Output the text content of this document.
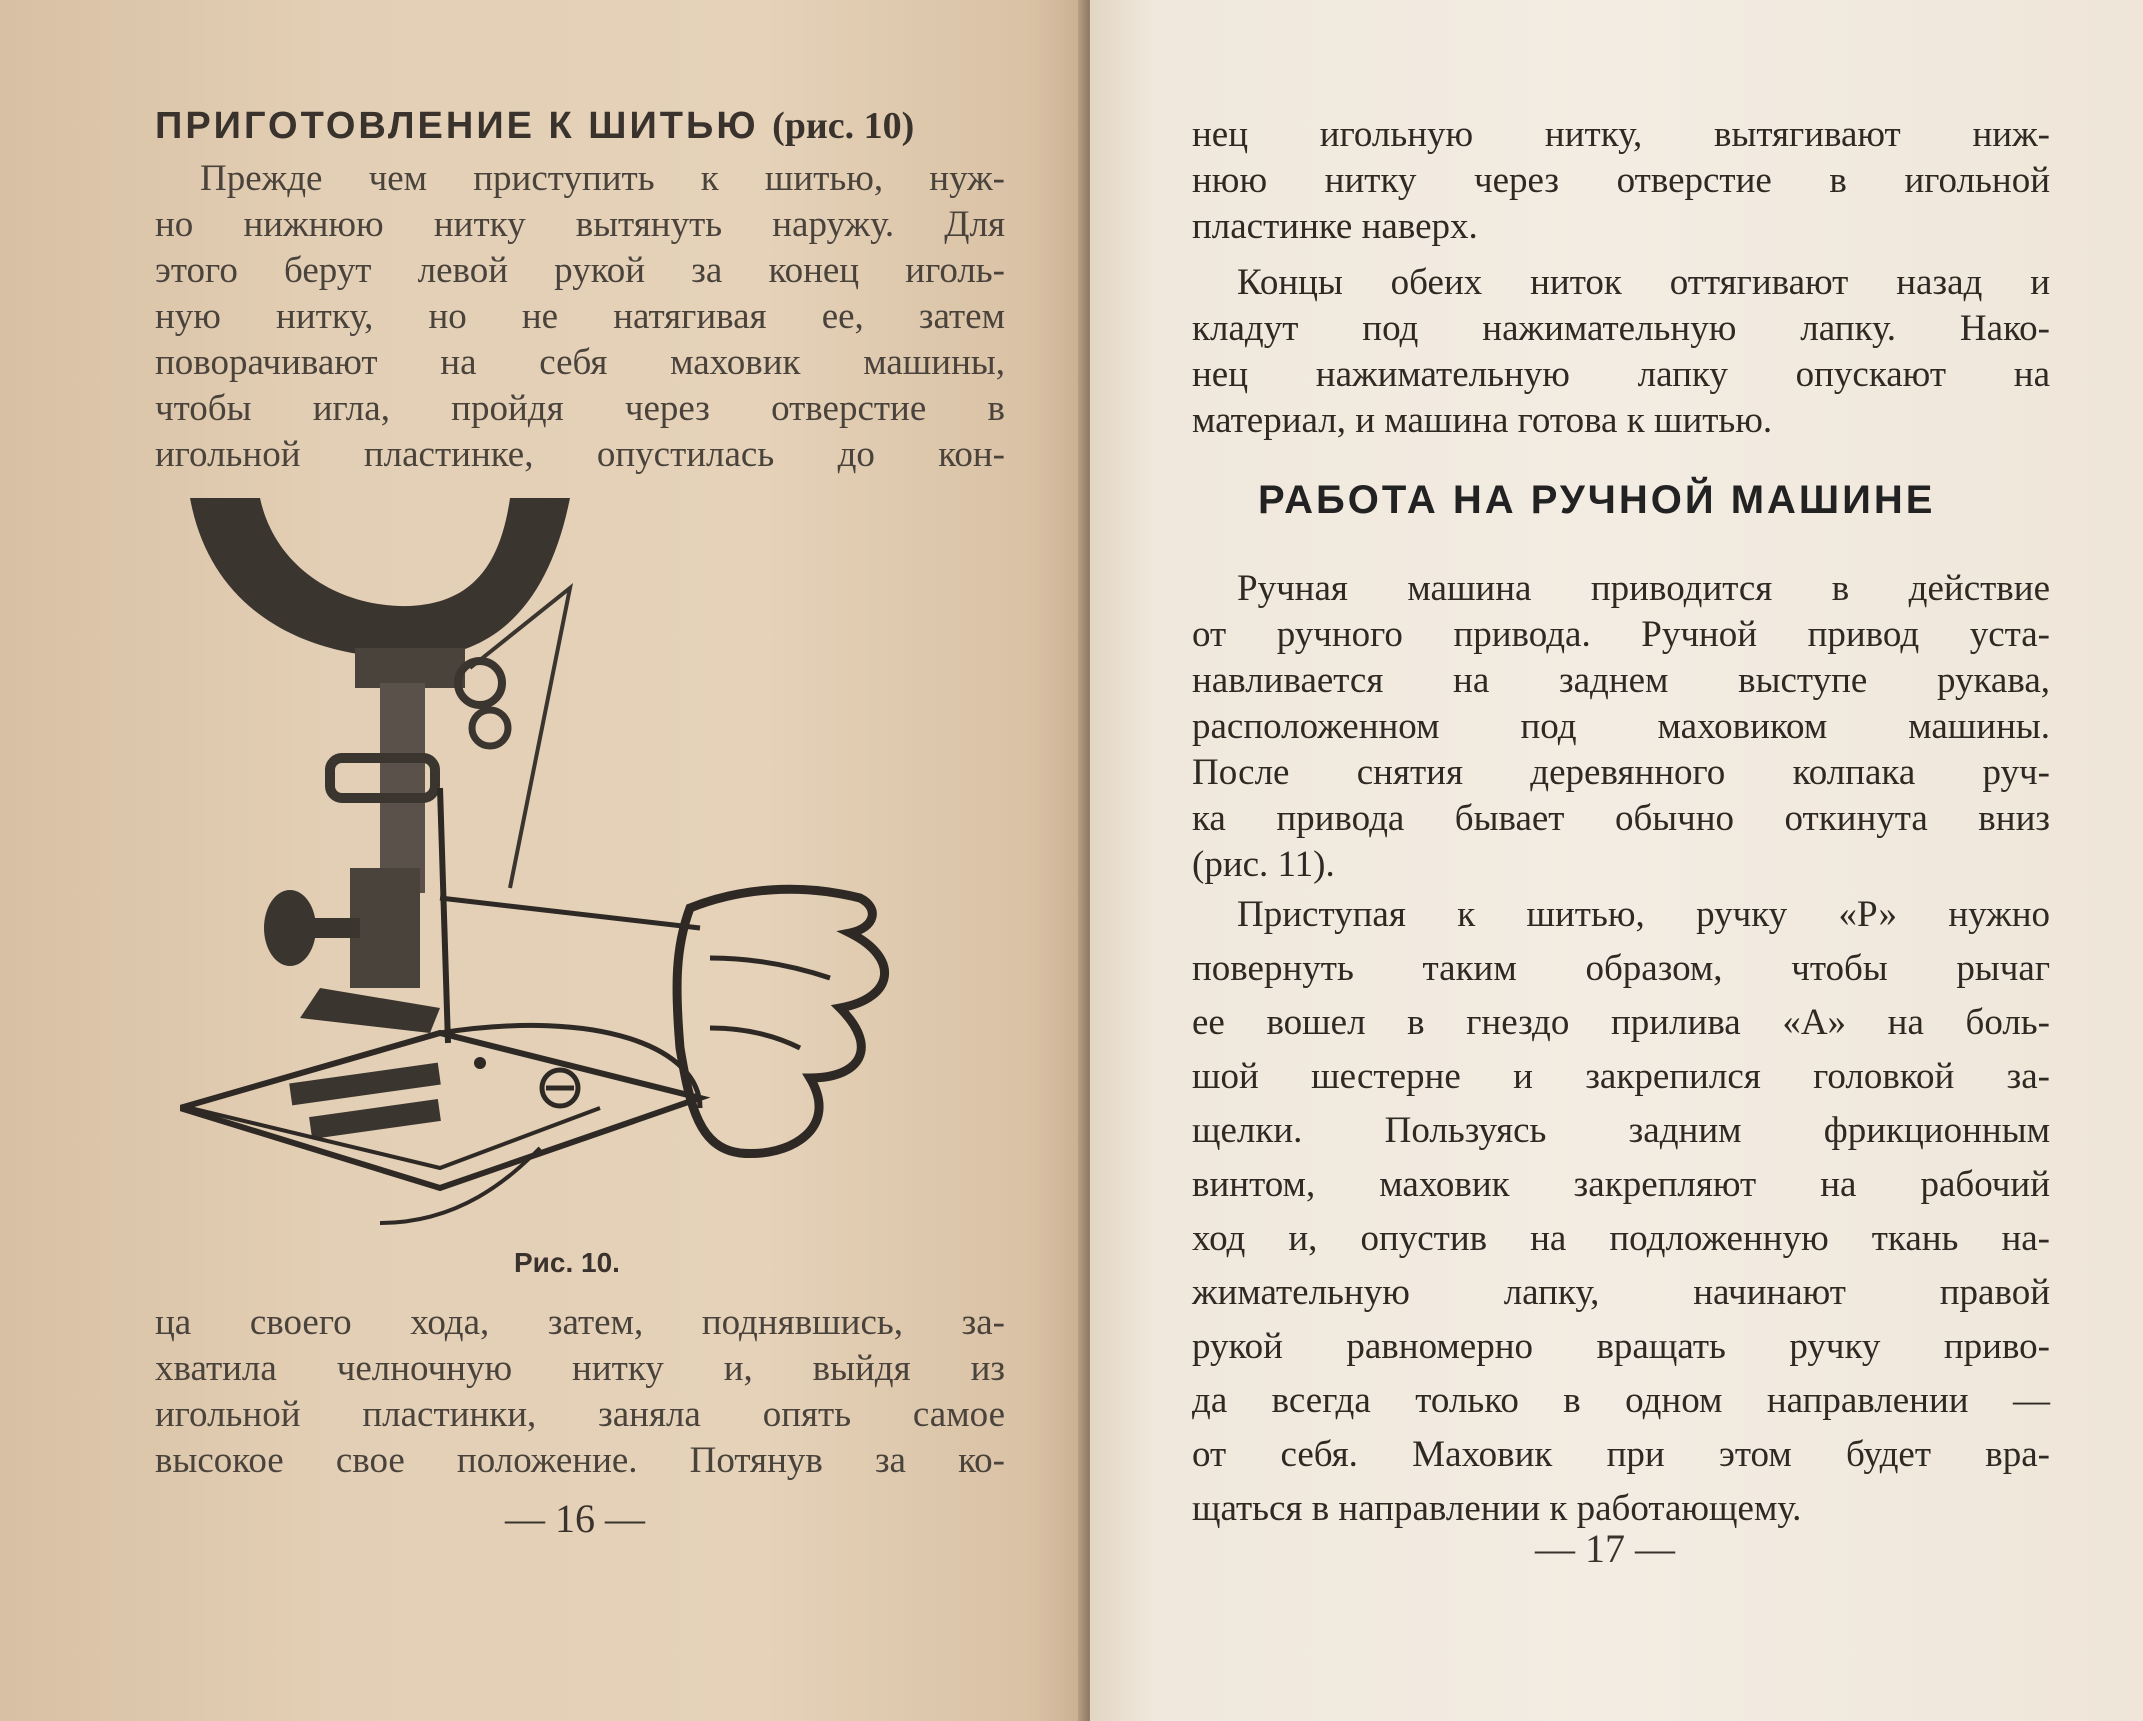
ПРИГОТОВЛЕНИЕ К ШИТЬЮ (рис. 10)
Прежде чем приступить к шитью, нуж-
но нижнюю нитку вытянуть наружу. Для
этого берут левой рукой за конец иголь-
ную нитку, но не натягивая ее, затем
поворачивают на себя маховик машины,
чтобы игла, пройдя через отверстие в
игольной пластинке, опустилась до кон-
Рис. 10.
ца своего хода, затем, поднявшись, за-
хватила челночную нитку и, выйдя из
игольной пластинки, заняла опять самое
высокое свое положение. Потянув за ко-
— 16 —
нец игольную нитку, вытягивают ниж-
нюю нитку через отверстие в игольной
пластинке наверх.
Концы обеих ниток оттягивают назад и
кладут под нажимательную лапку. Нако-
нец нажимательную лапку опускают на
материал, и машина готова к шитью.
РАБОТА НА РУЧНОЙ МАШИНЕ
Ручная машина приводится в действие
от ручного привода. Ручной привод уста-
навливается на заднем выступе рукава,
расположенном под маховиком машины.
После снятия деревянного колпака руч-
ка привода бывает обычно откинута вниз
(рис. 11).
Приступая к шитью, ручку «Р» нужно
повернуть таким образом, чтобы рычаг
ее вошел в гнездо прилива «А» на боль-
шой шестерне и закрепился головкой за-
щелки. Пользуясь задним фрикционным
винтом, маховик закрепляют на рабочий
ход и, опустив на подложенную ткань на-
жимательную лапку, начинают правой
рукой равномерно вращать ручку приво-
да всегда только в одном направлении —
от себя. Маховик при этом будет вра-
щаться в направлении к работающему.
— 17 —
